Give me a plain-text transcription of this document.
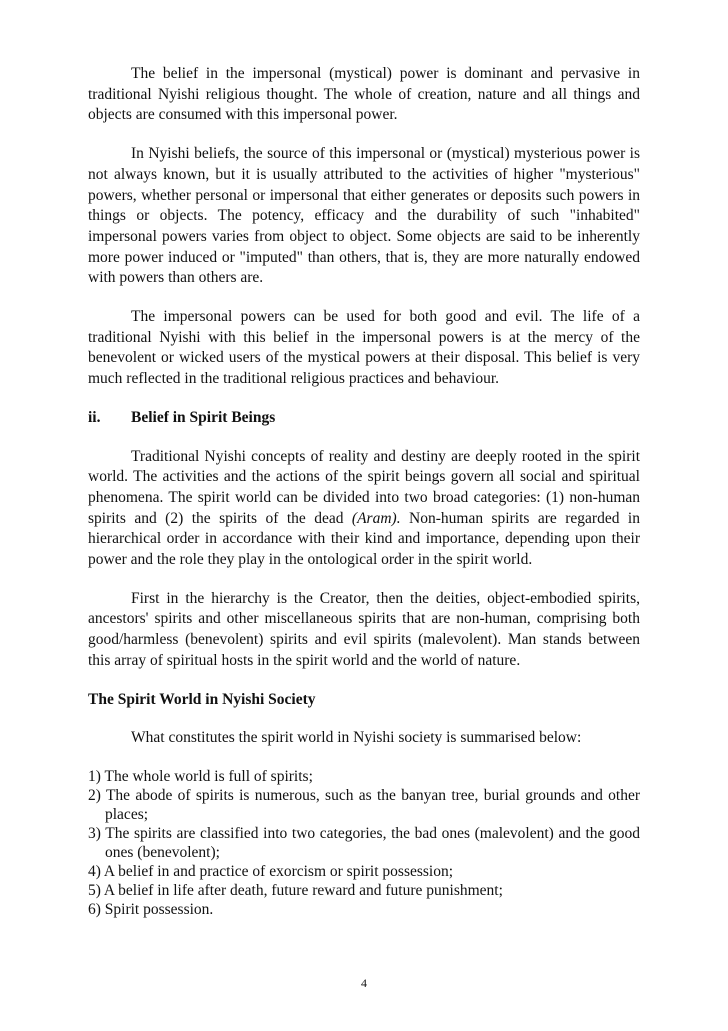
The belief in the impersonal (mystical) power is dominant and pervasive in traditional Nyishi religious thought. The whole of creation, nature and all things and objects are consumed with this impersonal power.

In Nyishi beliefs, the source of this impersonal or (mystical) mysterious power is not always known, but it is usually attributed to the activities of higher "mysterious" powers, whether personal or impersonal that either generates or deposits such powers in things or objects. The potency, efficacy and the durability of such "inhabited" impersonal powers varies from object to object. Some objects are said to be inherently more power induced or "imputed" than others, that is, they are more naturally endowed with powers than others are.

The impersonal powers can be used for both good and evil. The life of a traditional Nyishi with this belief in the impersonal powers is at the mercy of the benevolent or wicked users of the mystical powers at their disposal. This belief is very much reflected in the traditional religious practices and behaviour.

ii.	Belief in Spirit Beings

Traditional Nyishi concepts of reality and destiny are deeply rooted in the spirit world. The activities and the actions of the spirit beings govern all social and spiritual phenomena. The spirit world can be divided into two broad categories: (1) non-human spirits and (2) the spirits of the dead (Aram). Non-human spirits are regarded in hierarchical order in accordance with their kind and importance, depending upon their power and the role they play in the ontological order in the spirit world.

First in the hierarchy is the Creator, then the deities, object-embodied spirits, ancestors' spirits and other miscellaneous spirits that are non-human, comprising both good/harmless (benevolent) spirits and evil spirits (malevolent). Man stands between this array of spiritual hosts in the spirit world and the world of nature.

The Spirit World in Nyishi Society

What constitutes the spirit world in Nyishi society is summarised below:

1) The whole world is full of spirits;
2) The abode of spirits is numerous, such as the banyan tree, burial grounds and other places;
3) The spirits are classified into two categories, the bad ones (malevolent) and the good ones (benevolent);
4) A belief in and practice of exorcism or spirit possession;
5) A belief in life after death, future reward and future punishment;
6) Spirit possession.
4
